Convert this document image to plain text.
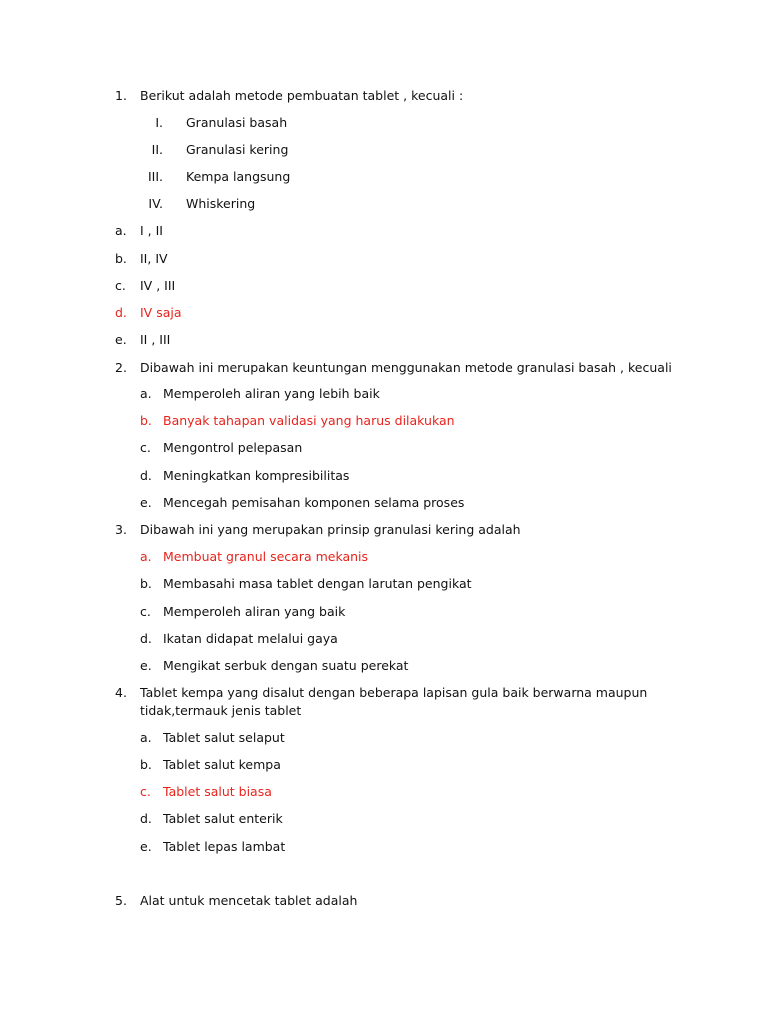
1. Berikut adalah metode pembuatan tablet , kecuali :
I. Granulasi basah
II. Granulasi kering
III. Kempa langsung
IV. Whiskering
a. I , II
b. II, IV
c. IV , III
d. IV saja
e. II , III
2. Dibawah ini merupakan keuntungan menggunakan metode granulasi basah , kecuali
a. Memperoleh aliran yang lebih baik
b. Banyak tahapan validasi yang harus dilakukan
c. Mengontrol pelepasan
d. Meningkatkan kompresibilitas
e. Mencegah pemisahan komponen selama proses
3. Dibawah ini yang merupakan prinsip granulasi kering adalah
a. Membuat granul secara mekanis
b. Membasahi masa tablet dengan larutan pengikat
c. Memperoleh aliran yang baik
d. Ikatan didapat melalui gaya
e. Mengikat serbuk dengan suatu perekat
4. Tablet kempa yang disalut dengan beberapa lapisan gula baik berwarna maupun
tidak,termauk jenis tablet
a. Tablet salut selaput
b. Tablet salut kempa
c. Tablet salut biasa
d. Tablet salut enterik
e. Tablet lepas lambat
5. Alat untuk mencetak tablet adalah
